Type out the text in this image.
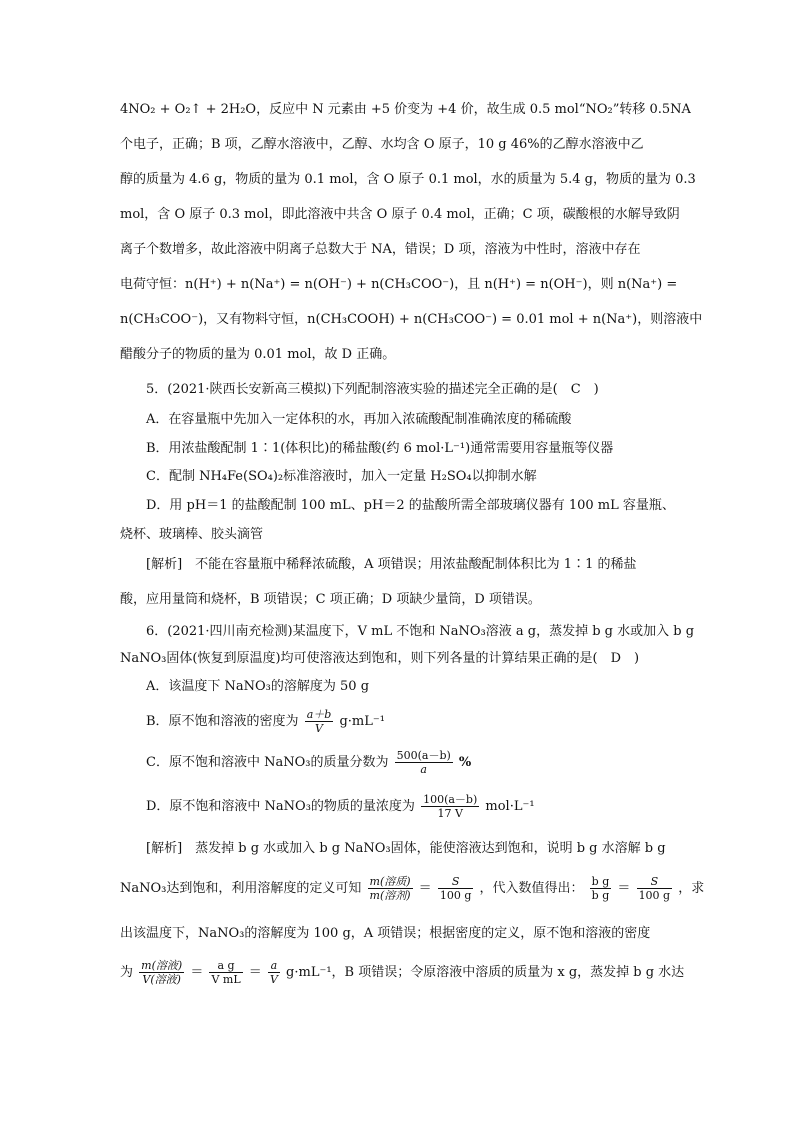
4NO₂ + O₂↑ + 2H₂O，反应中 N 元素由 +5 价变为 +4 价，故生成 0.5 mol“NO₂”转移 0.5NA
个电子，正确；B 项，乙醇水溶液中，乙醇、水均含 O 原子，10 g 46%的乙醇水溶液中乙
醇的质量为 4.6 g，物质的量为 0.1 mol，含 O 原子 0.1 mol，水的质量为 5.4 g，物质的量为 0.3
mol，含 O 原子 0.3 mol，即此溶液中共含 O 原子 0.4 mol，正确；C 项，碳酸根的水解导致阴
离子个数增多，故此溶液中阴离子总数大于 NA，错误；D 项，溶液为中性时，溶液中存在
电荷守恒：n(H⁺) + n(Na⁺) = n(OH⁻) + n(CH₃COO⁻)，且 n(H⁺) = n(OH⁻)，则 n(Na⁺) =
n(CH₃COO⁻)，又有物料守恒，n(CH₃COOH) + n(CH₃COO⁻) = 0.01 mol + n(Na⁺)，则溶液中
醋酸分子的物质的量为 0.01 mol，故 D 正确。
5．(2021·陕西长安新高三模拟)下列配制溶液实验的描述完全正确的是(　C　)
A．在容量瓶中先加入一定体积的水，再加入浓硫酸配制准确浓度的稀硫酸
B．用浓盐酸配制 1∶1(体积比)的稀盐酸(约 6 mol·L⁻¹)通常需要用容量瓶等仪器
C．配制 NH₄Fe(SO₄)₂标准溶液时，加入一定量 H₂SO₄以抑制水解
D．用 pH＝1 的盐酸配制 100 mL、pH＝2 的盐酸所需全部玻璃仪器有 100 mL 容量瓶、
烧杯、玻璃棒、胶头滴管
[解析]　不能在容量瓶中稀释浓硫酸，A 项错误；用浓盐酸配制体积比为 1∶1 的稀盐
酸，应用量筒和烧杯，B 项错误；C 项正确；D 项缺少量筒，D 项错误。
6．(2021·四川南充检测)某温度下，V mL 不饱和 NaNO₃溶液 a g，蒸发掉 b g 水或加入 b g
NaNO₃固体(恢复到原温度)均可使溶液达到饱和，则下列各量的计算结果正确的是(　D　)
A．该温度下 NaNO₃的溶解度为 50 g
B．原不饱和溶液的密度为 $\frac{a+b}{V} g\cdot mL^{-1}$
C．原不饱和溶液中 NaNO₃的质量分数为 $\frac{500(a-b)}{a}$ %
D．原不饱和溶液中 NaNO₃的物质的量浓度为 $\frac{100(a-b)}{17 V} mol\cdot L^{-1}$
[解析]　蒸发掉 b g 水或加入 b g NaNO₃固体，能使溶液达到饱和，说明 b g 水溶解 b g
NaNO₃达到饱和，利用溶解度的定义可知 $\frac{\text{m(溶质)}}{\text{m(溶剂)}} = \frac{S}{100 g}$ ，代入数值得出： $\frac{\text{b g}}{\text{b g}} = \frac{S}{100 g}$ ，求
出该温度下，NaNO₃的溶解度为 100 g，A 项错误；根据密度的定义，原不饱和溶液的密度
为 $\frac{\text{m(溶液)}}{\text{V(溶液)}} = \frac{\text{a g}}{\text{V mL}} = \frac{a}{V} g\cdot mL^{-1}$，B 项错误；令原溶液中溶质的质量为 x g，蒸发掉 b g 水达
